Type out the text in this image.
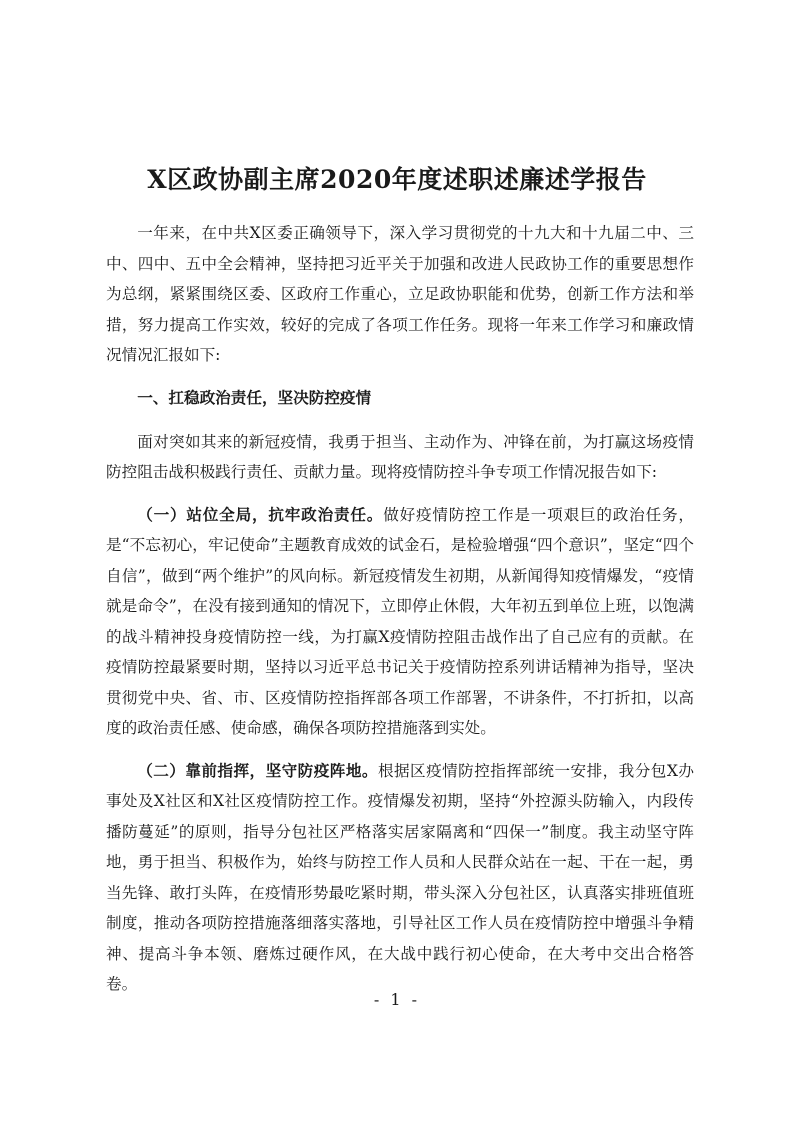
X区政协副主席2020年度述职述廉述学报告

一年来，在中共X区委正确领导下，深入学习贯彻党的十九大和十九届二中、三中、四中、五中全会精神，坚持把习近平关于加强和改进人民政协工作的重要思想作为总纲，紧紧围绕区委、区政府工作重心，立足政协职能和优势，创新工作方法和举措，努力提高工作实效，较好的完成了各项工作任务。现将一年来工作学习和廉政情况情况汇报如下:

一、扛稳政治责任，坚决防控疫情

面对突如其来的新冠疫情，我勇于担当、主动作为、冲锋在前，为打赢这场疫情防控阻击战积极践行责任、贡献力量。现将疫情防控斗争专项工作情况报告如下:

（一）站位全局，抗牢政治责任。做好疫情防控工作是一项艰巨的政治任务，是“不忘初心，牢记使命”主题教育成效的试金石，是检验增强“四个意识”，坚定“四个自信”，做到“两个维护”的风向标。新冠疫情发生初期，从新闻得知疫情爆发，“疫情就是命令”，在没有接到通知的情况下，立即停止休假，大年初五到单位上班，以饱满的战斗精神投身疫情防控一线，为打赢X疫情防控阻击战作出了自己应有的贡献。在疫情防控最紧要时期，坚持以习近平总书记关于疫情防控系列讲话精神为指导，坚决贯彻党中央、省、市、区疫情防控指挥部各项工作部署，不讲条件，不打折扣，以高度的政治责任感、使命感，确保各项防控措施落到实处。

（二）靠前指挥，坚守防疫阵地。根据区疫情防控指挥部统一安排，我分包X办事处及X社区和X社区疫情防控工作。疫情爆发初期，坚持“外控源头防输入，内段传播防蔓延”的原则，指导分包社区严格落实居家隔离和“四保一”制度。我主动坚守阵地，勇于担当、积极作为，始终与防控工作人员和人民群众站在一起、干在一起，勇当先锋、敢打头阵，在疫情形势最吃紧时期，带头深入分包社区，认真落实排班值班制度，推动各项防控措施落细落实落地，引导社区工作人员在疫情防控中增强斗争精神、提高斗争本领、磨炼过硬作风，在大战中践行初心使命，在大考中交出合格答卷。

- 1 -
